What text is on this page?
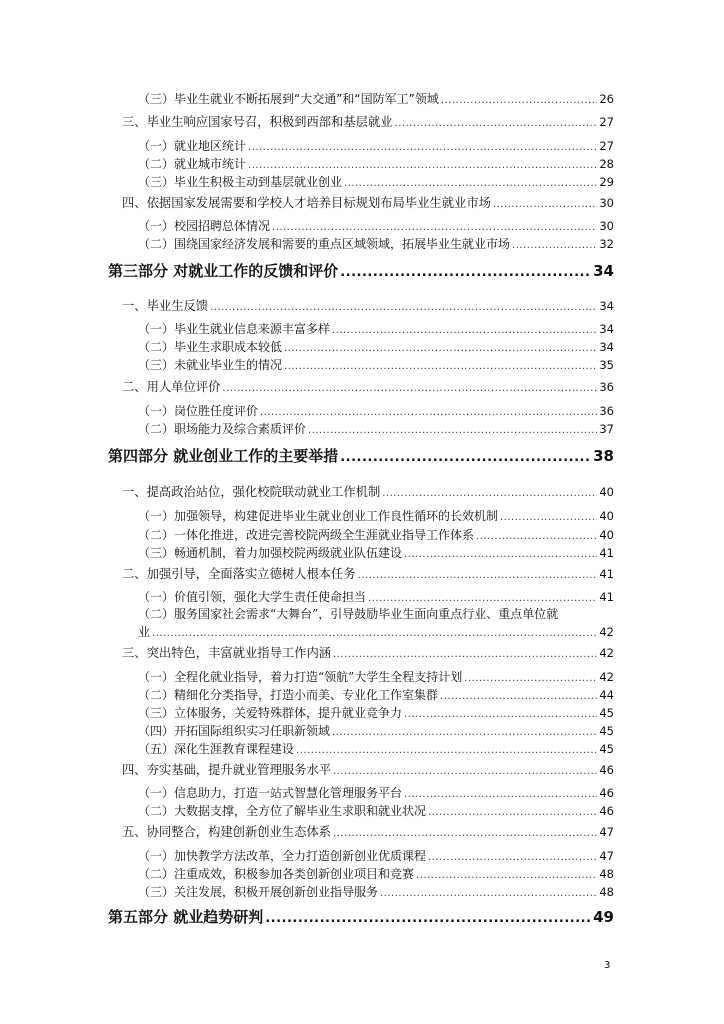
（三）毕业生就业不断拓展到“大交通”和“国防军工”领域 .....	26
三、毕业生响应国家号召，积极到西部和基层就业 .....	27
（一）就业地区统计 .....	27
（二）就业城市统计 .....	28
（三）毕业生积极主动到基层就业创业 .....	29
四、依据国家发展需要和学校人才培养目标规划布局毕业生就业市场 .....	30
（一）校园招聘总体情况 .....	30
（二）围绕国家经济发展和需要的重点区域领域，拓展毕业生就业市场 .....	32
第三部分 对就业工作的反馈和评价 .....	34
一、毕业生反馈 .....	34
（一）毕业生就业信息来源丰富多样 .....	34
（二）毕业生求职成本较低 .....	34
（三）未就业毕业生的情况 .....	35
二、用人单位评价 .....	36
（一）岗位胜任度评价 .....	36
（二）职场能力及综合素质评价 .....	37
第四部分 就业创业工作的主要举措 .....	38
一、提高政治站位，强化校院联动就业工作机制 .....	40
（一）加强领导，构建促进毕业生就业创业工作良性循环的长效机制 .....	40
（二）一体化推进，改进完善校院两级全生涯就业指导工作体系 .....	40
（三）畅通机制，着力加强校院两级就业队伍建设 .....	41
二、加强引导，全面落实立德树人根本任务 .....	41
（一）价值引领，强化大学生责任使命担当 .....	41
（二）服务国家社会需求“大舞台”，引导鼓励毕业生面向重点行业、重点单位就
业 .....	42
三、突出特色，丰富就业指导工作内涵 .....	42
（一）全程化就业指导，着力打造“领航”大学生全程支持计划 .....	42
（二）精细化分类指导，打造小而美、专业化工作室集群 .....	44
（三）立体服务，关爱特殊群体，提升就业竞争力 .....	45
（四）开拓国际组织实习任职新领域 .....	45
（五）深化生涯教育课程建设 .....	45
四、夯实基础，提升就业管理服务水平 .....	46
（一）信息助力，打造一站式智慧化管理服务平台 .....	46
（二）大数据支撑，全方位了解毕业生求职和就业状况 .....	46
五、协同整合，构建创新创业生态体系 .....	47
（一）加快教学方法改革，全力打造创新创业优质课程 .....	47
（二）注重成效，积极参加各类创新创业项目和竞赛 .....	48
（三）关注发展，积极开展创新创业指导服务 .....	48
第五部分 就业趋势研判 .....	49
3
